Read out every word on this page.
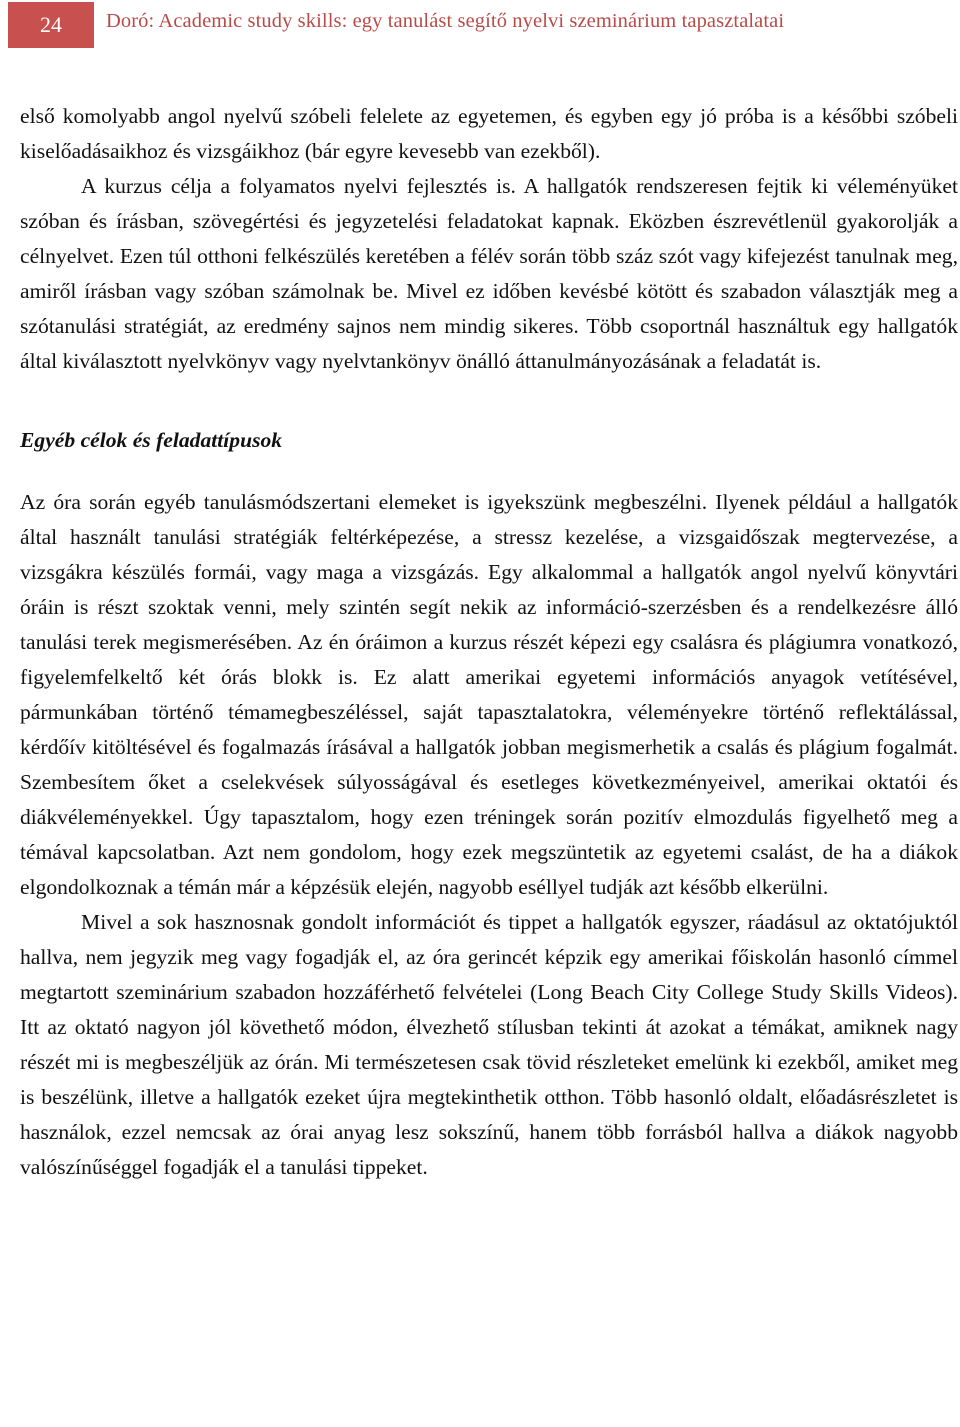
24 Doró: Academic study skills: egy tanulást segítő nyelvi szeminárium tapasztalatai

első komolyabb angol nyelvű szóbeli felelete az egyetemen, és egyben egy jó próba is a későbbi szóbeli kiselőadásaikhoz és vizsgáikhoz (bár egyre kevesebb van ezekből).

A kurzus célja a folyamatos nyelvi fejlesztés is. A hallgatók rendszeresen fejtik ki véleményüket szóban és írásban, szövegértési és jegyzetelési feladatokat kapnak. Eközben észrevétlenül gyakorolják a célnyelvet. Ezen túl otthoni felkészülés keretében a félév során több száz szót vagy kifejezést tanulnak meg, amiről írásban vagy szóban számolnak be. Mivel ez időben kevésbé kötött és szabadon választják meg a szótanulási stratégiát, az eredmény sajnos nem mindig sikeres. Több csoportnál használtuk egy hallgatók által kiválasztott nyelvkönyv vagy nyelvtankönyv önálló áttanulmányozásának a feladatát is.

Egyéb célok és feladattípusok

Az óra során egyéb tanulásmódszertani elemeket is igyekszünk megbeszélni. Ilyenek például a hallgatók által használt tanulási stratégiák feltérképezése, a stressz kezelése, a vizsgaidőszak megtervezése, a vizsgákra készülés formái, vagy maga a vizsgázás. Egy alkalommal a hallgatók angol nyelvű könyvtári óráin is részt szoktak venni, mely szintén segít nekik az információ-szerzésben és a rendelkezésre álló tanulási terek megismerésében. Az én óráimon a kurzus részét képezi egy csalásra és plágiumra vonatkozó, figyelemfelkeltő két órás blokk is. Ez alatt amerikai egyetemi információs anyagok vetítésével, pármunkában történő témamegbeszéléssel, saját tapasztalatokra, véleményekre történő reflektálással, kérdőív kitöltésével és fogalmazás írásával a hallgatók jobban megismerhetik a csalás és plágium fogalmát. Szembesítem őket a cselekvések súlyosságával és esetleges következményeivel, amerikai oktatói és diákvéleményekkel. Úgy tapasztalom, hogy ezen tréningek során pozitív elmozdulás figyelhető meg a témával kapcsolatban. Azt nem gondolom, hogy ezek megszüntetik az egyetemi csalást, de ha a diákok elgondolkoznak a témán már a képzésük elején, nagyobb eséllyel tudják azt később elkerülni.

Mivel a sok hasznosnak gondolt információt és tippet a hallgatók egyszer, ráadásul az oktatójuktól hallva, nem jegyzik meg vagy fogadják el, az óra gerincét képzik egy amerikai főiskolán hasonló címmel megtartott szeminárium szabadon hozzáférhető felvételei (Long Beach City College Study Skills Videos). Itt az oktató nagyon jól követhető módon, élvezhető stílusban tekinti át azokat a témákat, amiknek nagy részét mi is megbeszéljük az órán. Mi természetesen csak tövid részleteket emelünk ki ezekből, amiket meg is beszélünk, illetve a hallgatók ezeket újra megtekinthetik otthon. Több hasonló oldalt, előadásrészletet is használok, ezzel nemcsak az órai anyag lesz sokszínű, hanem több forrásból hallva a diákok nagyobb valószínűséggel fogadják el a tanulási tippeket.
